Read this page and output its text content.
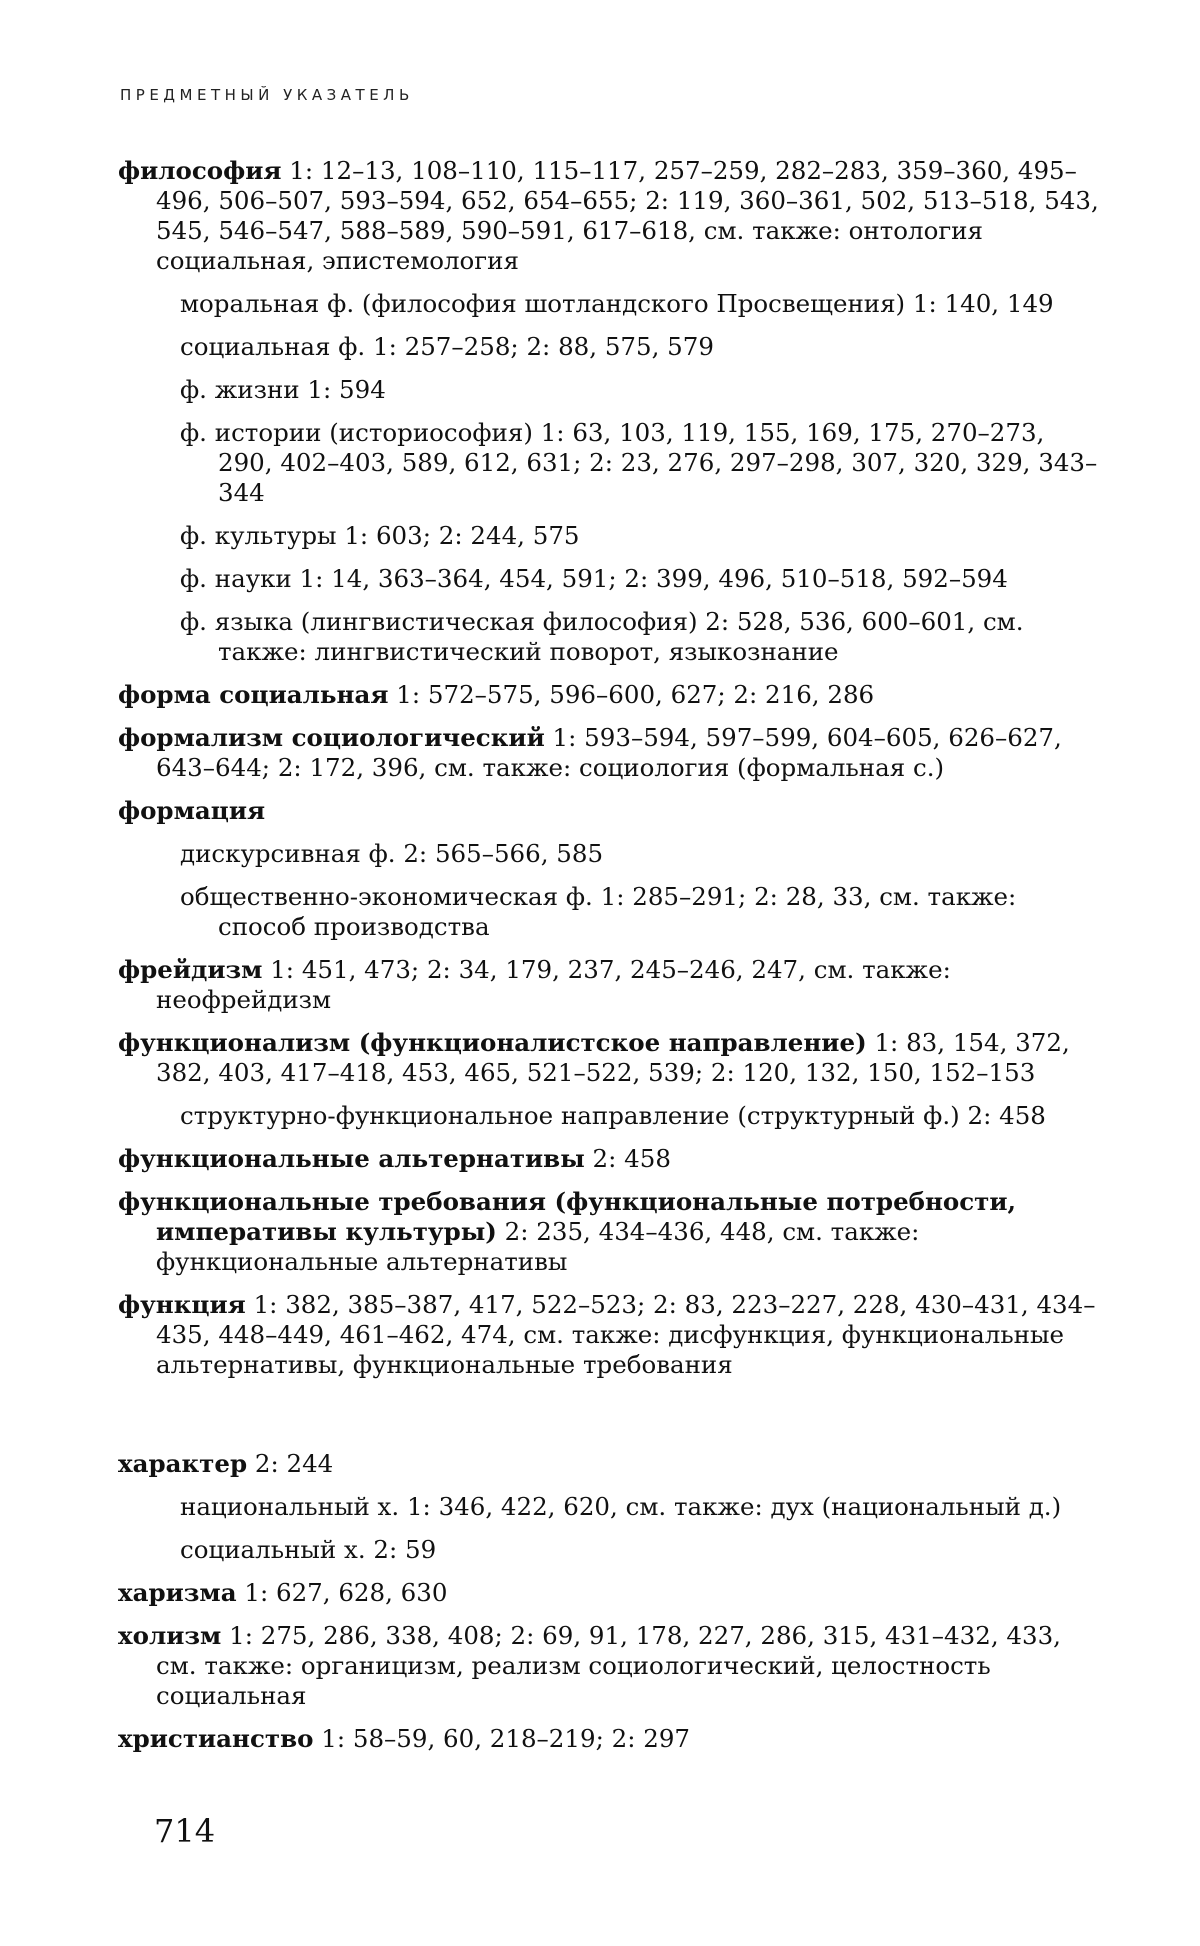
ПРЕДМЕТНЫЙ УКАЗАТЕЛЬ
философия 1: 12–13, 108–110, 115–117, 257–259, 282–283, 359–360, 495–496, 506–507, 593–594, 652, 654–655; 2: 119, 360–361, 502, 513–518, 543, 545, 546–547, 588–589, 590–591, 617–618, см. также: онтология социальная, эпистемология
моральная ф. (философия шотландского Просвещения) 1: 140, 149
социальная ф. 1: 257–258; 2: 88, 575, 579
ф. жизни 1: 594
ф. истории (историософия) 1: 63, 103, 119, 155, 169, 175, 270–273, 290, 402–403, 589, 612, 631; 2: 23, 276, 297–298, 307, 320, 329, 343–344
ф. культуры 1: 603; 2: 244, 575
ф. науки 1: 14, 363–364, 454, 591; 2: 399, 496, 510–518, 592–594
ф. языка (лингвистическая философия) 2: 528, 536, 600–601, см. также: лингвистический поворот, языкознание
форма социальная 1: 572–575, 596–600, 627; 2: 216, 286
формализм социологический 1: 593–594, 597–599, 604–605, 626–627, 643–644; 2: 172, 396, см. также: социология (формальная с.)
формация
дискурсивная ф. 2: 565–566, 585
общественно-экономическая ф. 1: 285–291; 2: 28, 33, см. также: способ производства
фрейдизм 1: 451, 473; 2: 34, 179, 237, 245–246, 247, см. также: неофрейдизм
функционализм (функционалистское направление) 1: 83, 154, 372, 382, 403, 417–418, 453, 465, 521–522, 539; 2: 120, 132, 150, 152–153
структурно-функциональное направление (структурный ф.) 2: 458
функциональные альтернативы 2: 458
функциональные требования (функциональные потребности, императивы культуры) 2: 235, 434–436, 448, см. также: функциональные альтернативы
функция 1: 382, 385–387, 417, 522–523; 2: 83, 223–227, 228, 430–431, 434–435, 448–449, 461–462, 474, см. также: дисфункция, функциональные альтернативы, функциональные требования
характер 2: 244
национальный х. 1: 346, 422, 620, см. также: дух (национальный д.)
социальный х. 2: 59
харизма 1: 627, 628, 630
холизм 1: 275, 286, 338, 408; 2: 69, 91, 178, 227, 286, 315, 431–432, 433, см. также: органицизм, реализм социологический, целостность социальная
христианство 1: 58–59, 60, 218–219; 2: 297
714
